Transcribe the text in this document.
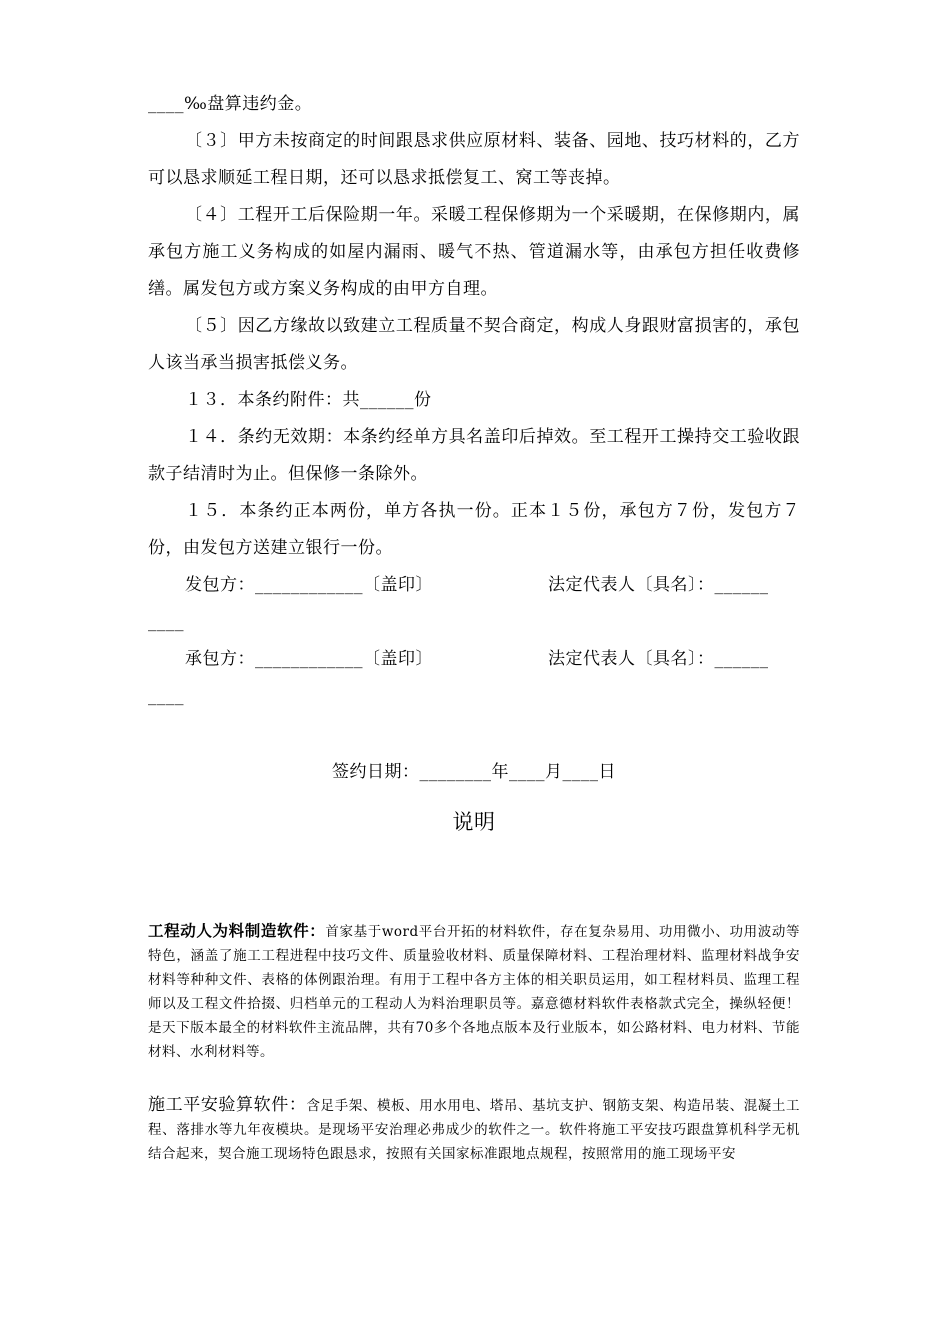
____‰盘算违约金。

〔３〕甲方未按商定的时间跟恳求供应原材料、装备、园地、技巧材料的，乙方可以恳求顺延工程日期，还可以恳求抵偿复工、窝工等丧掉。

〔４〕工程开工后保险期一年。采暖工程保修期为一个采暖期，在保修期内，属承包方施工义务构成的如屋内漏雨、暖气不热、管道漏水等，由承包方担任收费修缮。属发包方或方案义务构成的由甲方自理。

〔５〕因乙方缘故以致建立工程质量不契合商定，构成人身跟财富损害的，承包人该当承当损害抵偿义务。

１３．本条约附件：共______份

１４．条约无效期：本条约经单方具名盖印后掉效。至工程开工操持交工验收跟款子结清时为止。但保修一条除外。

１５．本条约正本两份，单方各执一份。正本１５份，承包方７份，发包方７份，由发包方送建立银行一份。

发包方：____________〔盖印〕	法定代表人〔具名〕：______
____
承包方：____________〔盖印〕	法定代表人〔具名〕：______
____
签约日期：________年____月____日
说明
工程动人为料制造软件：首家基于word平台开拓的材料软件，存在复杂易用、功用微小、功用波动等特色，涵盖了施工工程进程中技巧文件、质量验收材料、质量保障材料、工程治理材料、监理材料战争安材料等种种文件、表格的体例跟治理。有用于工程中各方主体的相关职员运用，如工程材料员、监理工程师以及工程文件拾掇、归档单元的工程动人为料治理职员等。嘉意德材料软件表格款式完全，操纵轻便！是天下版本最全的材料软件主流品牌，共有70多个各地点版本及行业版本，如公路材料、电力材料、节能材料、水利材料等。
施工平安验算软件：含足手架、模板、用水用电、塔吊、基坑支护、钢筋支架、构造吊装、混凝土工程、落排水等九年夜模块。是现场平安治理必弗成少的软件之一。软件将施工平安技巧跟盘算机科学无机结合起来，契合施工现场特色跟恳求，按照有关国家标准跟地点规程，按照常用的施工现场平安
